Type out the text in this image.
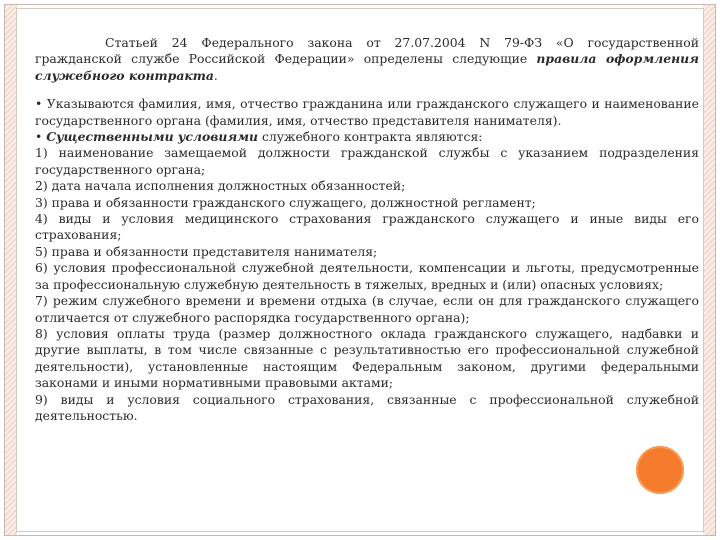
Статьей 24 Федерального закона от 27.07.2004 N 79-ФЗ «О государственной гражданской службе Российской Федерации» определены следующие правила оформления служебного контракта.

• Указываются фамилия, имя, отчество гражданина или гражданского служащего и наименование государственного органа (фамилия, имя, отчество представителя нанимателя).

• Существенными условиями служебного контракта являются:

1) наименование замещаемой должности гражданской службы с указанием подразделения государственного органа;

2) дата начала исполнения должностных обязанностей;

3) права и обязанности гражданского служащего, должностной регламент;

4) виды и условия медицинского страхования гражданского служащего и иные виды его страхования;

5) права и обязанности представителя нанимателя;

6) условия профессиональной служебной деятельности, компенсации и льготы, предусмотренные за профессиональную служебную деятельность в тяжелых, вредных и (или) опасных условиях;

7) режим служебного времени и времени отдыха (в случае, если он для гражданского служащего отличается от служебного распорядка государственного органа);

8) условия оплаты труда (размер должностного оклада гражданского служащего, надбавки и другие выплаты, в том числе связанные с результативностью его профессиональной служебной деятельности), установленные настоящим Федеральным законом, другими федеральными законами и иными нормативными правовыми актами;

9) виды и условия социального страхования, связанные с профессиональной служебной деятельностью.
